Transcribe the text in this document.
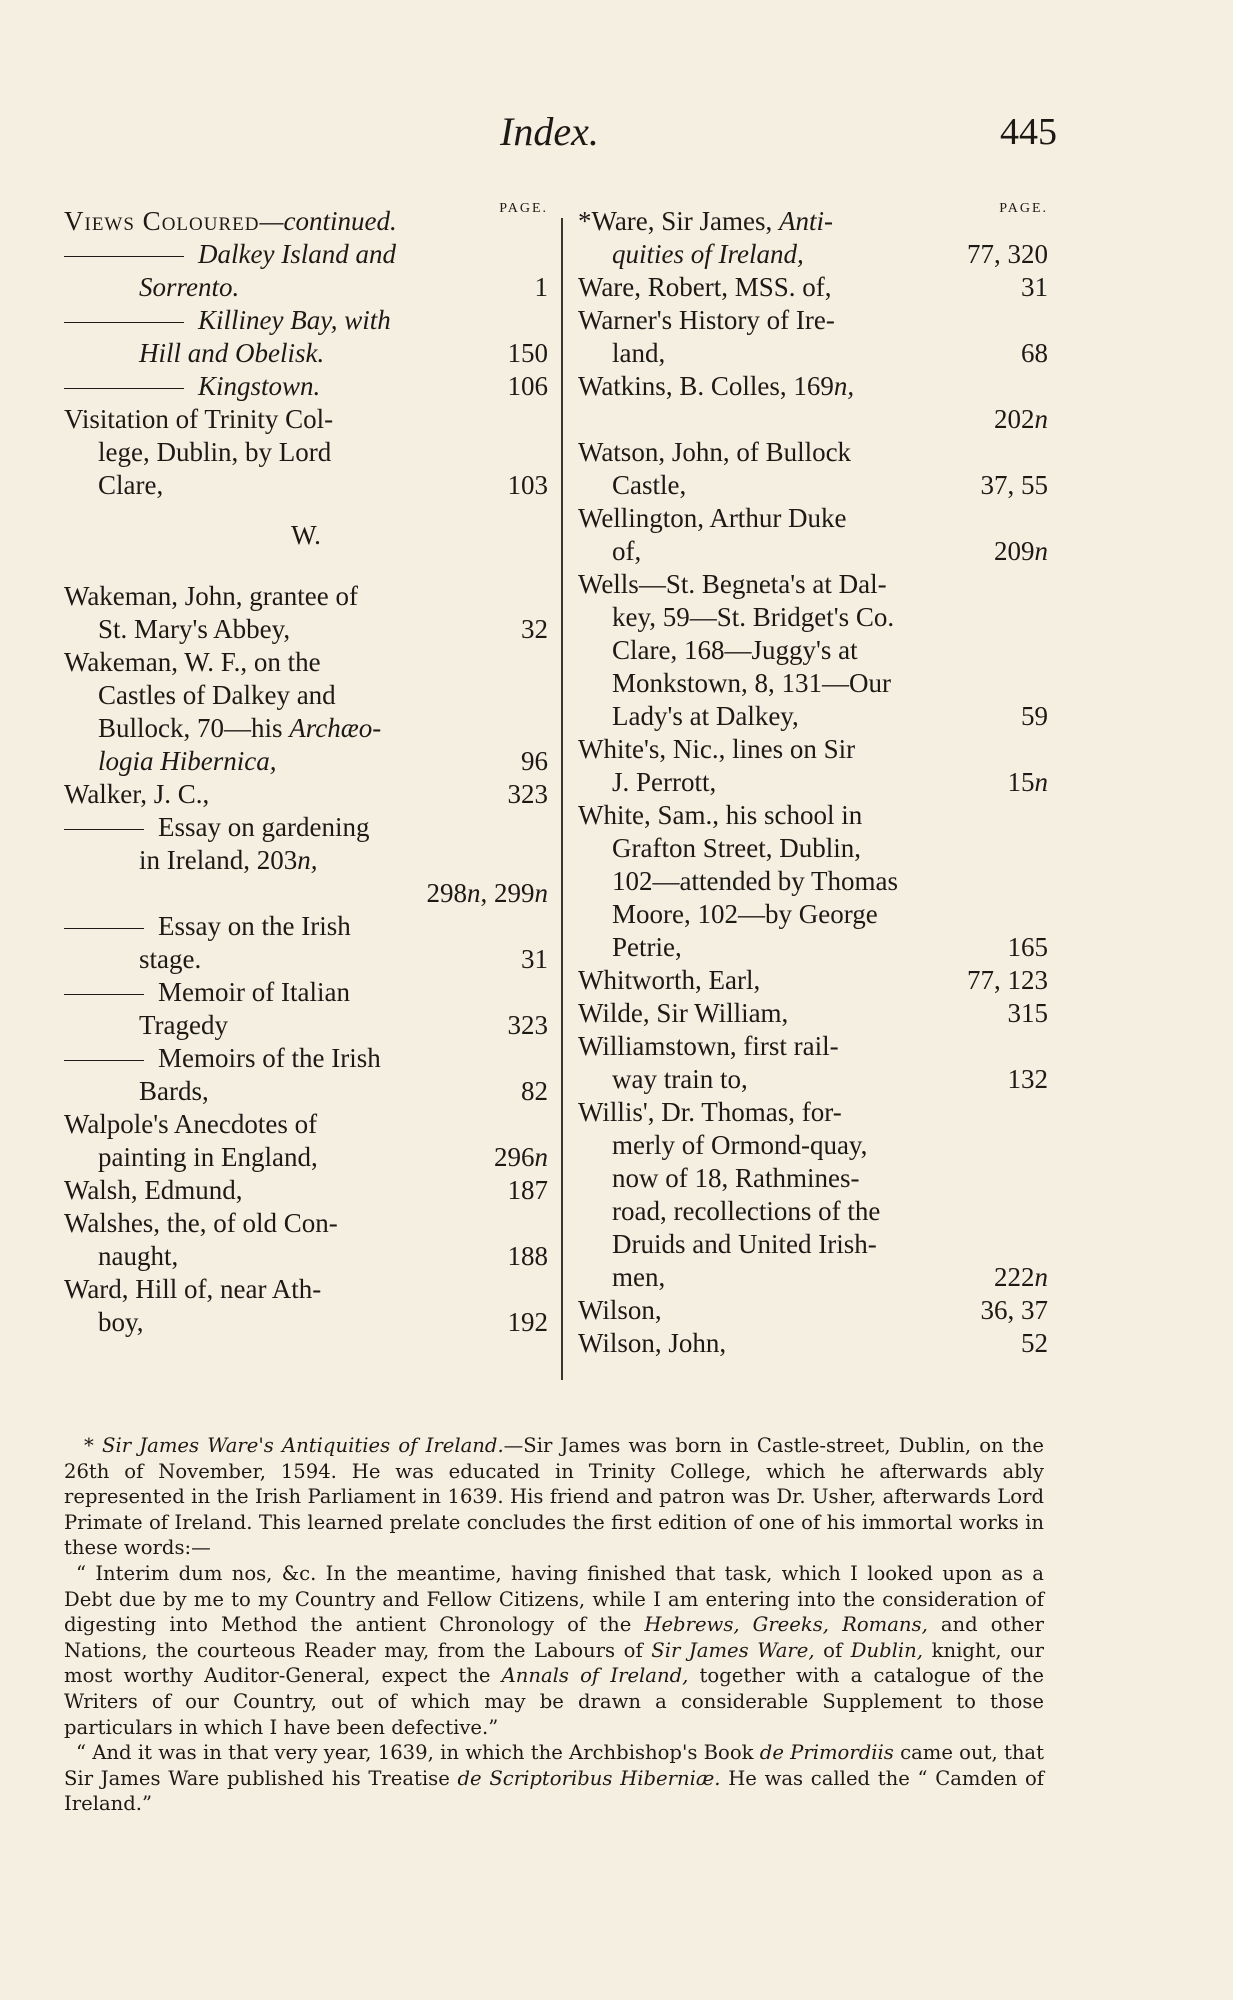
Index.	445
PAGE.
Views Coloured—continued.
Dalkey Island and
Sorrento.	1
Killiney Bay, with
Hill and Obelisk.	150
Kingstown.	106
Visitation of Trinity Col-
lege, Dublin, by Lord
Clare,	103
W.
Wakeman, John, grantee of
St. Mary's Abbey,	32
Wakeman, W. F., on the
Castles of Dalkey and
Bullock, 70—his Archæo-
logia Hibernica,	96
Walker, J. C.,	323
Essay on gardening
in Ireland, 203n,
298n, 299n
Essay on the Irish
stage.	31
Memoir of Italian
Tragedy	323
Memoirs of the Irish
Bards,	82
Walpole's Anecdotes of
painting in England,	296n
Walsh, Edmund,	187
Walshes, the, of old Con-
naught,	188
Ward, Hill of, near Ath-
boy,	192
PAGE.
*Ware, Sir James, Anti-
quities of Ireland,	77, 320
Ware, Robert, MSS. of,	31
Warner's History of Ire-
land,	68
Watkins, B. Colles, 169n,
202n
Watson, John, of Bullock
Castle,	37, 55
Wellington, Arthur Duke
of,	209n
Wells—St. Begneta's at Dal-
key, 59—St. Bridget's Co.
Clare, 168—Juggy's at
Monkstown, 8, 131—Our
Lady's at Dalkey,	59
White's, Nic., lines on Sir
J. Perrott,	15n
White, Sam., his school in
Grafton Street, Dublin,
102—attended by Thomas
Moore, 102—by George
Petrie,	165
Whitworth, Earl,	77, 123
Wilde, Sir William,	315
Williamstown, first rail-
way train to,	132
Willis', Dr. Thomas, for-
merly of Ormond-quay,
now of 18, Rathmines-
road, recollections of the
Druids and United Irish-
men,	222n
Wilson,	36, 37
Wilson, John,	52

* Sir James Ware's Antiquities of Ireland.—Sir James was born in Castle-street, Dublin, on the 26th of November, 1594. He was educated in Trinity College, which he afterwards ably represented in the Irish Parliament in 1639. His friend and patron was Dr. Usher, afterwards Lord Primate of Ireland. This learned prelate concludes the first edition of one of his immortal works in these words:—

“ Interim dum nos, &c. In the meantime, having finished that task, which I looked upon as a Debt due by me to my Country and Fellow Citizens, while I am entering into the consideration of digesting into Method the antient Chronology of the Hebrews, Greeks, Romans, and other Nations, the courteous Reader may, from the Labours of Sir James Ware, of Dublin, knight, our most worthy Auditor-General, expect the Annals of Ireland, together with a catalogue of the Writers of our Country, out of which may be drawn a considerable Supplement to those particulars in which I have been defective.”

“ And it was in that very year, 1639, in which the Archbishop's Book de Primordiis came out, that Sir James Ware published his Treatise de Scriptoribus Hiberniæ. He was called the “ Camden of Ireland.”
